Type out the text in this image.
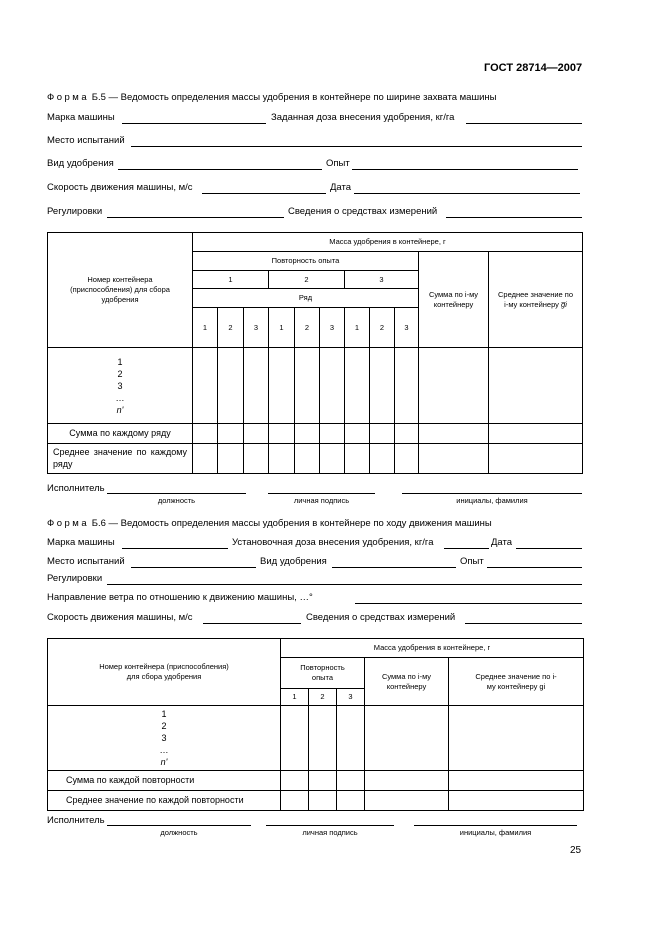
ГОСТ 28714—2007
Форма Б.5 — Ведомость определения массы удобрения в контейнере по ширине захвата машины
Марка машины	Заданная доза внесения удобрения, кг/га
Место испытаний
Вид удобрения	Опыт
Скорость движения машины, м/с	Дата
Регулировки	Сведения о средствах измерений
Номер контейнера (приспособления) для сбора удобрения	Масса удобрения в контейнере, г										
	Повторность опыта									Сумма по i-му контейнеру	Среднее значение по i-му контейнеру g̅i
	1			2			3				
	Ряд										
	1	2	3	1	2	3	1	2	3		

1
2
3
…
n'											

Сумма по каждому ряду											
Среднее значение по каждому ряду											
Исполнитель
должность	личная подпись	инициалы, фамилия
Форма Б.6 — Ведомость определения массы удобрения в контейнере по ходу движения машины
Марка машины	Установочная доза внесения удобрения, кг/га	Дата
Место испытаний	Вид удобрения	Опыт
Регулировки
Направление ветра по отношению к движению машины, …°
Скорость движения машины, м/с	Сведения о средствах измерений
Номер контейнера (приспособления) для сбора удобрения	Масса удобрения в контейнере, г				
	Повторность опыта			Сумма по i-му контейнеру	Среднее значение по i-му контейнеру gi
	1	2	3		

1
2
3
…
n'					

Сумма по каждой повторности					
Среднее значение по каждой повторности					
Исполнитель
должность	личная подпись	инициалы, фамилия
25
